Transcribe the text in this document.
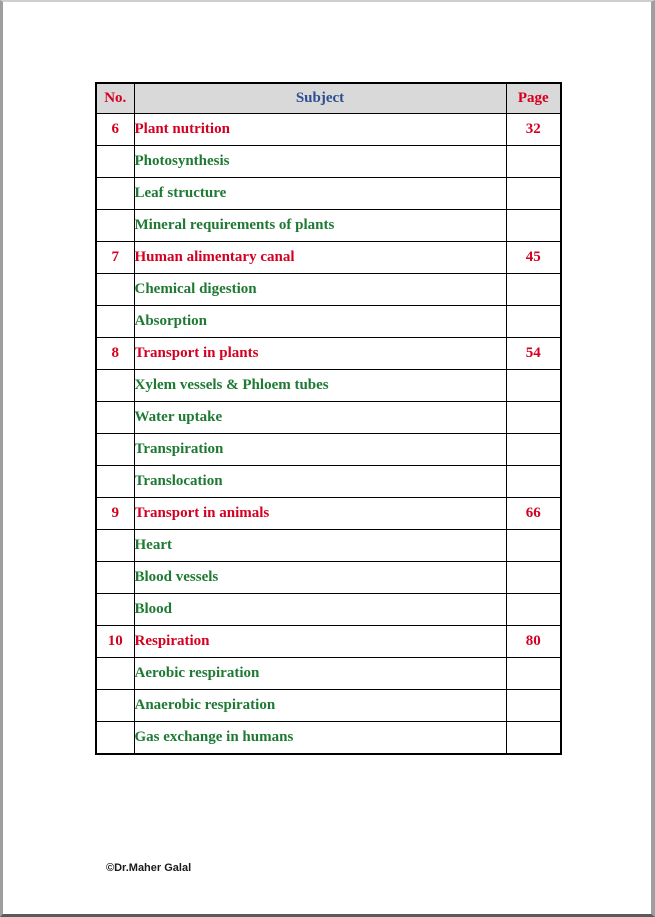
No.	Subject	Page
6	Plant nutrition	32
	Photosynthesis	
	Leaf structure	
	Mineral requirements of plants	
7	Human alimentary canal	45
	Chemical digestion	
	Absorption	
8	Transport in plants	54
	Xylem vessels & Phloem tubes	
	Water uptake	
	Transpiration	
	Translocation	
9	Transport in animals	66
	Heart	
	Blood vessels	
	Blood	
10	Respiration	80
	Aerobic respiration	
	Anaerobic respiration	
	Gas exchange in humans	
©Dr.Maher Galal
